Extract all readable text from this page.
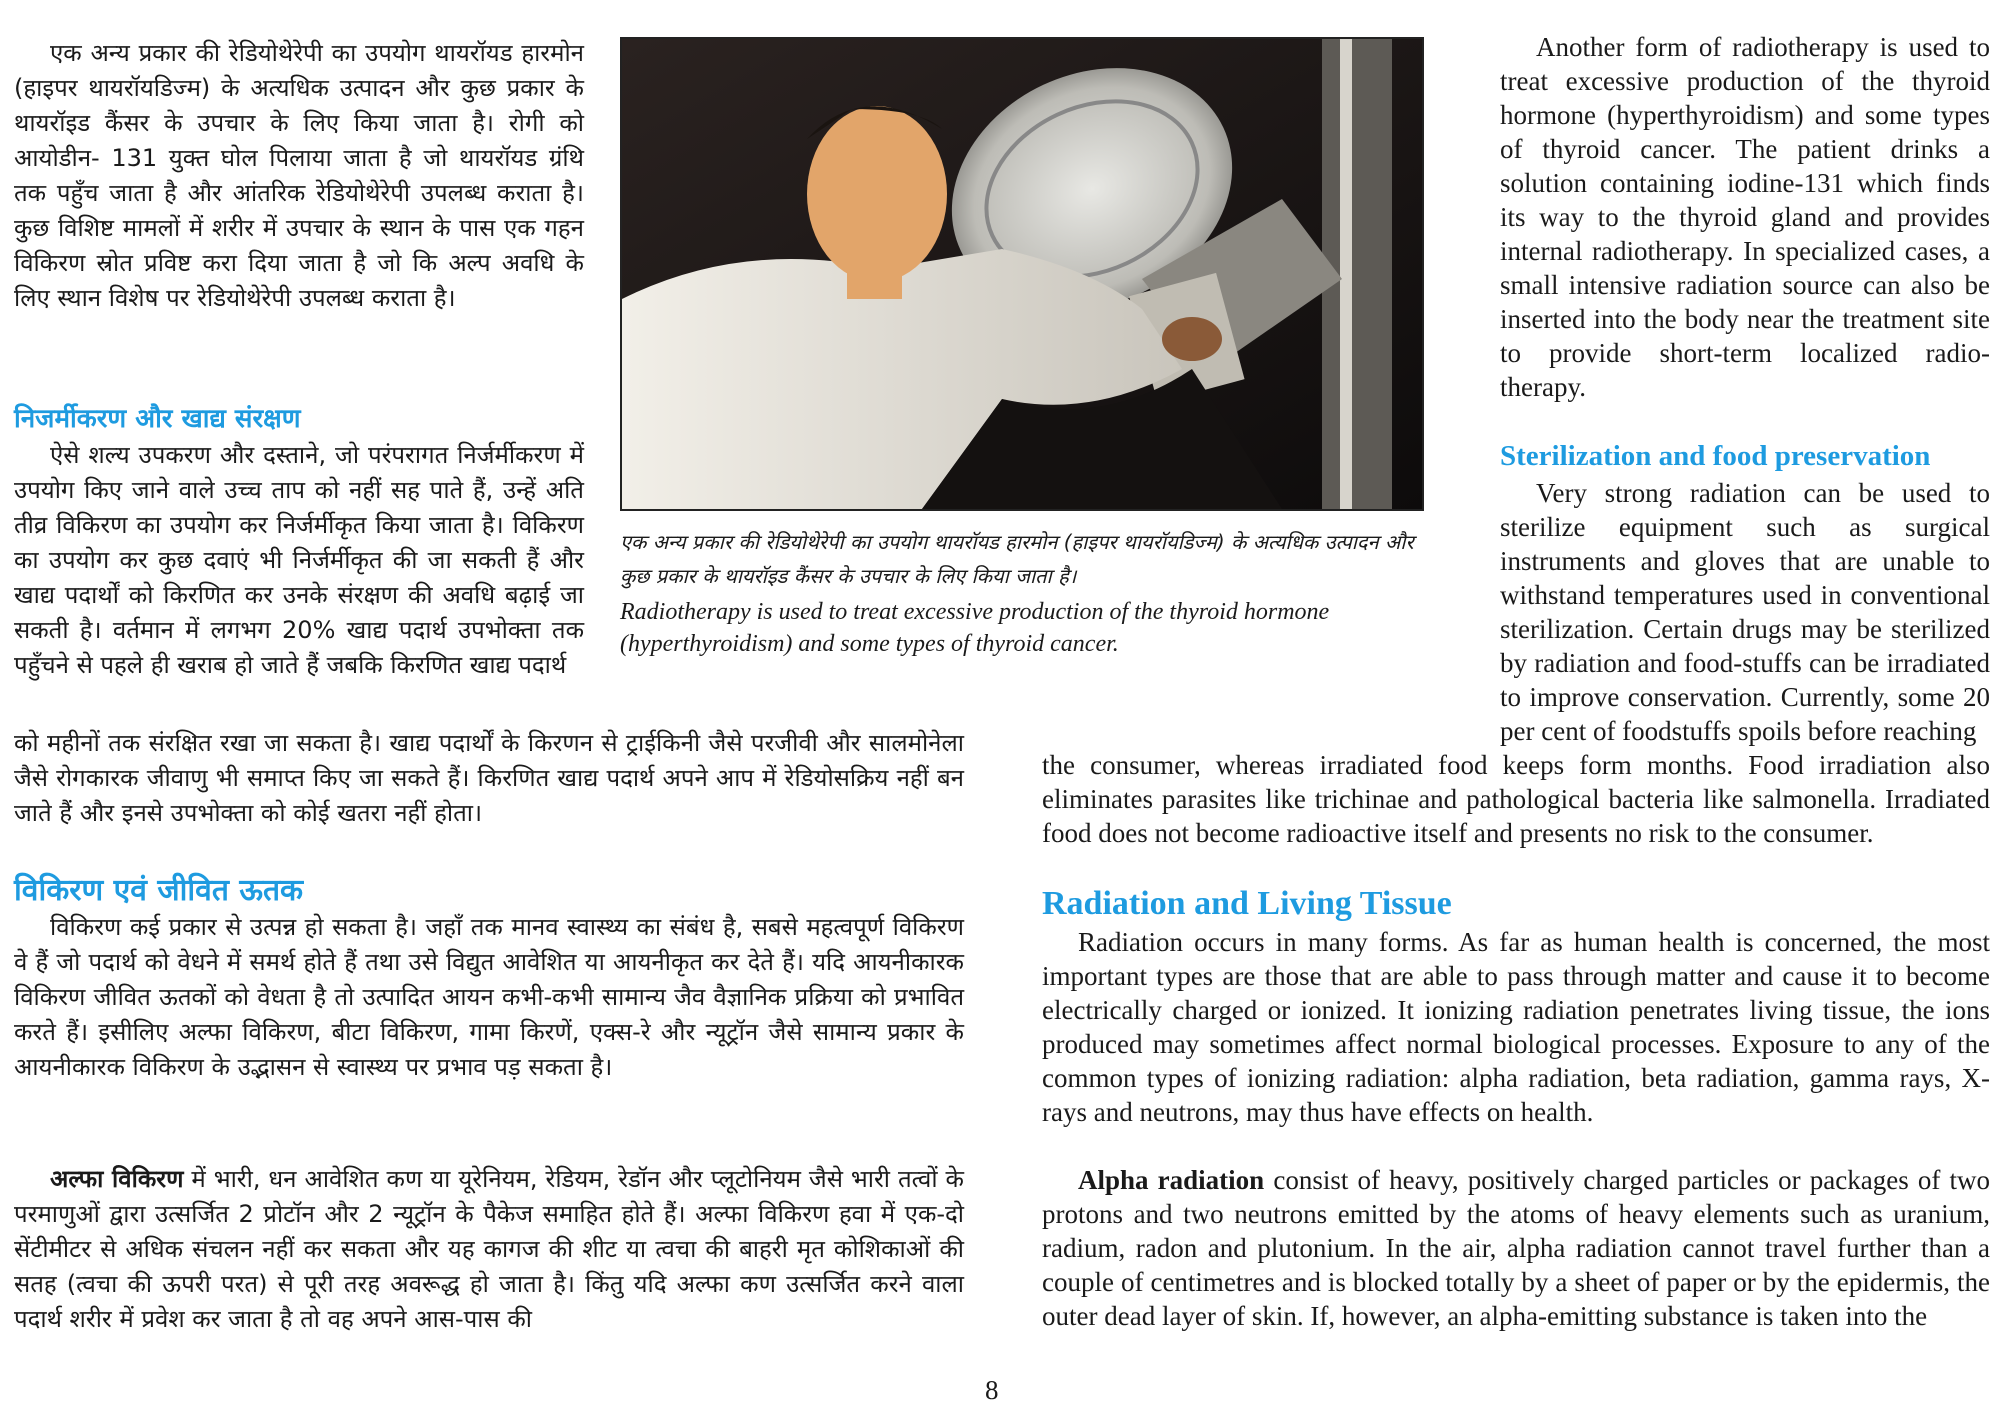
एक अन्य प्रकार की रेडियोथेरेपी का उपयोग थायरॉयड हारमोन (हाइपर थायरॉयडिज्म) के अत्यधिक उत्पादन और कुछ प्रकार के थायरॉइड कैंसर के उपचार के लिए किया जाता है। रोगी को आयोडीन- 131 युक्त घोल पिलाया जाता है जो थायरॉयड ग्रंथि तक पहुँच जाता है और आंतरिक रेडियोथेरेपी उपलब्ध कराता है। कुछ विशिष्ट मामलों में शरीर में उपचार के स्थान के पास एक गहन विकिरण स्रोत प्रविष्ट करा दिया जाता है जो कि अल्प अवधि के लिए स्थान विशेष पर रेडियोथेरेपी उपलब्ध कराता है।

एक अन्य प्रकार की रेडियोथेरेपी का उपयोग थायरॉयड हारमोन (हाइपर थायरॉयडिज्म) के अत्यधिक उत्पादन और कुछ प्रकार के थायरॉइड कैंसर के उपचार के लिए किया जाता है।

Radiotherapy is used to treat excessive production of the thyroid hormone (hyperthyroidism) and some types of thyroid cancer.

Another form of radiotherapy is used to treat excessive production of the thyroid hormone (hyperthyroidism) and some types of thyroid cancer. The patient drinks a solution containing iodine-131 which finds its way to the thyroid gland and provides internal radiotherapy. In specialized cases, a small intensive radiation source can also be inserted into the body near the treatment site to provide short-term localized radio-therapy.

निजर्मीकरण और खाद्य संरक्षण

ऐसे शल्य उपकरण और दस्ताने, जो परंपरागत निर्जर्मीकरण में उपयोग किए जाने वाले उच्च ताप को नहीं सह पाते हैं, उन्हें अति तीव्र विकिरण का उपयोग कर निर्जर्मीकृत किया जाता है। विकिरण का उपयोग कर कुछ दवाएं भी निर्जर्मीकृत की जा सकती हैं और खाद्य पदार्थों को किरणित कर उनके संरक्षण की अवधि बढ़ाई जा सकती है। वर्तमान में लगभग 20% खाद्य पदार्थ उपभोक्ता तक पहुँचने से पहले ही खराब हो जाते हैं जबकि किरणित खाद्य पदार्थ

को महीनों तक संरक्षित रखा जा सकता है। खाद्य पदार्थों के किरणन से ट्राईकिनी जैसे परजीवी और सालमोनेला जैसे रोगकारक जीवाणु भी समाप्त किए जा सकते हैं। किरणित खाद्य पदार्थ अपने आप में रेडियोसक्रिय नहीं बन जाते हैं और इनसे उपभोक्ता को कोई खतरा नहीं होता।

Sterilization and food preservation

Very strong radiation can be used to sterilize equipment such as surgical instruments and gloves that are unable to withstand temperatures used in conventional sterilization. Certain drugs may be sterilized by radiation and food-stuffs can be irradiated to improve conservation. Currently, some 20 per cent of foodstuffs spoils before reaching

the consumer, whereas irradiated food keeps form months. Food irradiation also eliminates parasites like trichinae and pathological bacteria like salmonella. Irradiated food does not become radioactive itself and presents no risk to the consumer.

विकिरण एवं जीवित ऊतक

विकिरण कई प्रकार से उत्पन्न हो सकता है। जहाँ तक मानव स्वास्थ्य का संबंध है, सबसे महत्वपूर्ण विकिरण वे हैं जो पदार्थ को वेधने में समर्थ होते हैं तथा उसे विद्युत आवेशित या आयनीकृत कर देते हैं। यदि आयनीकारक विकिरण जीवित ऊतकों को वेधता है तो उत्पादित आयन कभी-कभी सामान्य जैव वैज्ञानिक प्रक्रिया को प्रभावित करते हैं। इसीलिए अल्फा विकिरण, बीटा विकिरण, गामा किरणें, एक्स-रे और न्यूट्रॉन जैसे सामान्य प्रकार के आयनीकारक विकिरण के उद्भासन से स्वास्थ्य पर प्रभाव पड़ सकता है।

Radiation and Living Tissue

Radiation occurs in many forms. As far as human health is concerned, the most important types are those that are able to pass through matter and cause it to become electrically charged or ionized. It ionizing radiation penetrates living tissue, the ions produced may sometimes affect normal biological processes. Exposure to any of the common types of ionizing radiation: alpha radiation, beta radiation, gamma rays, X-rays and neutrons, may thus have effects on health.

अल्फा विकिरण में भारी, धन आवेशित कण या यूरेनियम, रेडियम, रेडॉन और प्लूटोनियम जैसे भारी तत्वों के परमाणुओं द्वारा उत्सर्जित 2 प्रोटॉन और 2 न्यूट्रॉन के पैकेज समाहित होते हैं। अल्फा विकिरण हवा में एक-दो सेंटीमीटर से अधिक संचलन नहीं कर सकता और यह कागज की शीट या त्वचा की बाहरी मृत कोशिकाओं की सतह (त्वचा की ऊपरी परत) से पूरी तरह अवरूद्ध हो जाता है। किंतु यदि अल्फा कण उत्सर्जित करने वाला पदार्थ शरीर में प्रवेश कर जाता है तो वह अपने आस-पास की

Alpha radiation consist of heavy, positively charged particles or packages of two protons and two neutrons emitted by the atoms of heavy elements such as uranium, radium, radon and plutonium. In the air, alpha radiation cannot travel further than a couple of centimetres and is blocked totally by a sheet of paper or by the epidermis, the outer dead layer of skin. If, however, an alpha-emitting substance is taken into the

8
